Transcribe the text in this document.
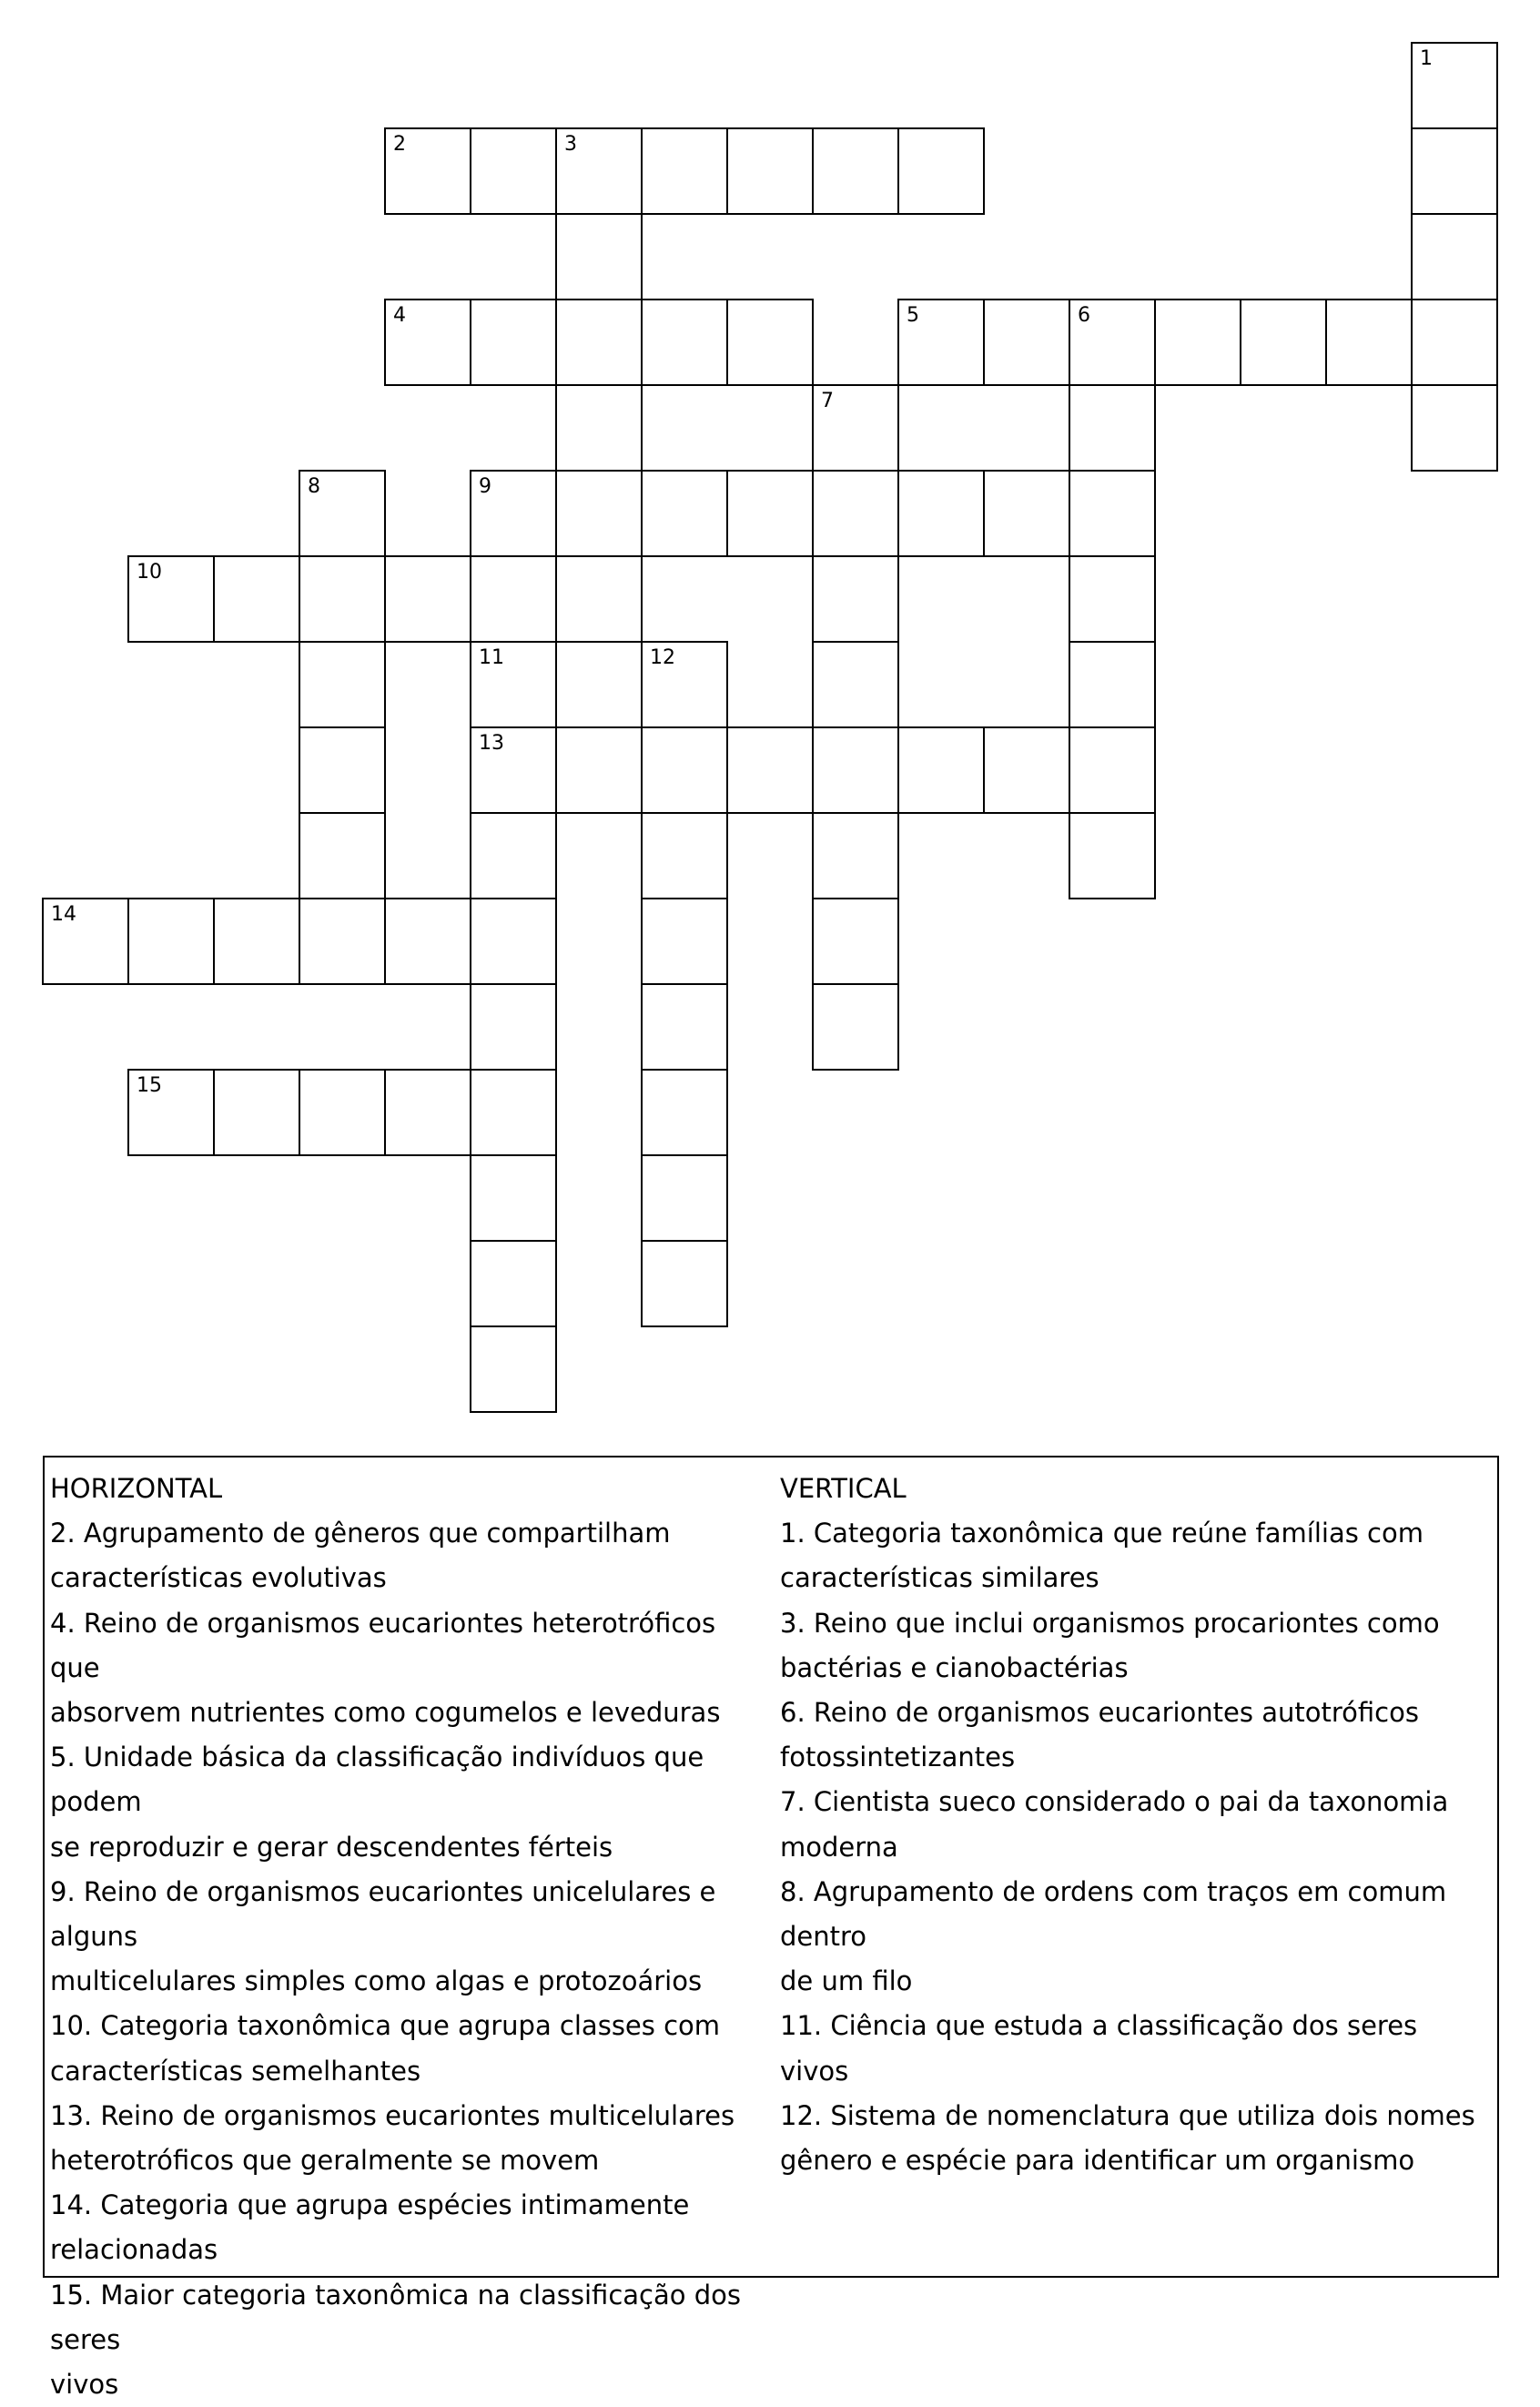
1
2	3
4	5	6
7
8	9
10
11	12
13
14
15

HORIZONTAL

2. Agrupamento de gêneros que compartilham

características evolutivas

4. Reino de organismos eucariontes heterotróficos que

absorvem nutrientes como cogumelos e leveduras

5. Unidade básica da classificação indivíduos que podem

se reproduzir e gerar descendentes férteis

9. Reino de organismos eucariontes unicelulares e alguns

multicelulares simples como algas e protozoários

10. Categoria taxonômica que agrupa classes com

características semelhantes

13. Reino de organismos eucariontes multicelulares

heterotróficos que geralmente se movem

14. Categoria que agrupa espécies intimamente

relacionadas

15. Maior categoria taxonômica na classificação dos seres

vivos

VERTICAL

1. Categoria taxonômica que reúne famílias com

características similares

3. Reino que inclui organismos procariontes como

bactérias e cianobactérias

6. Reino de organismos eucariontes autotróficos

fotossintetizantes

7. Cientista sueco considerado o pai da taxonomia

moderna

8. Agrupamento de ordens com traços em comum dentro

de um filo

11. Ciência que estuda a classificação dos seres vivos

12. Sistema de nomenclatura que utiliza dois nomes

gênero e espécie para identificar um organismo
